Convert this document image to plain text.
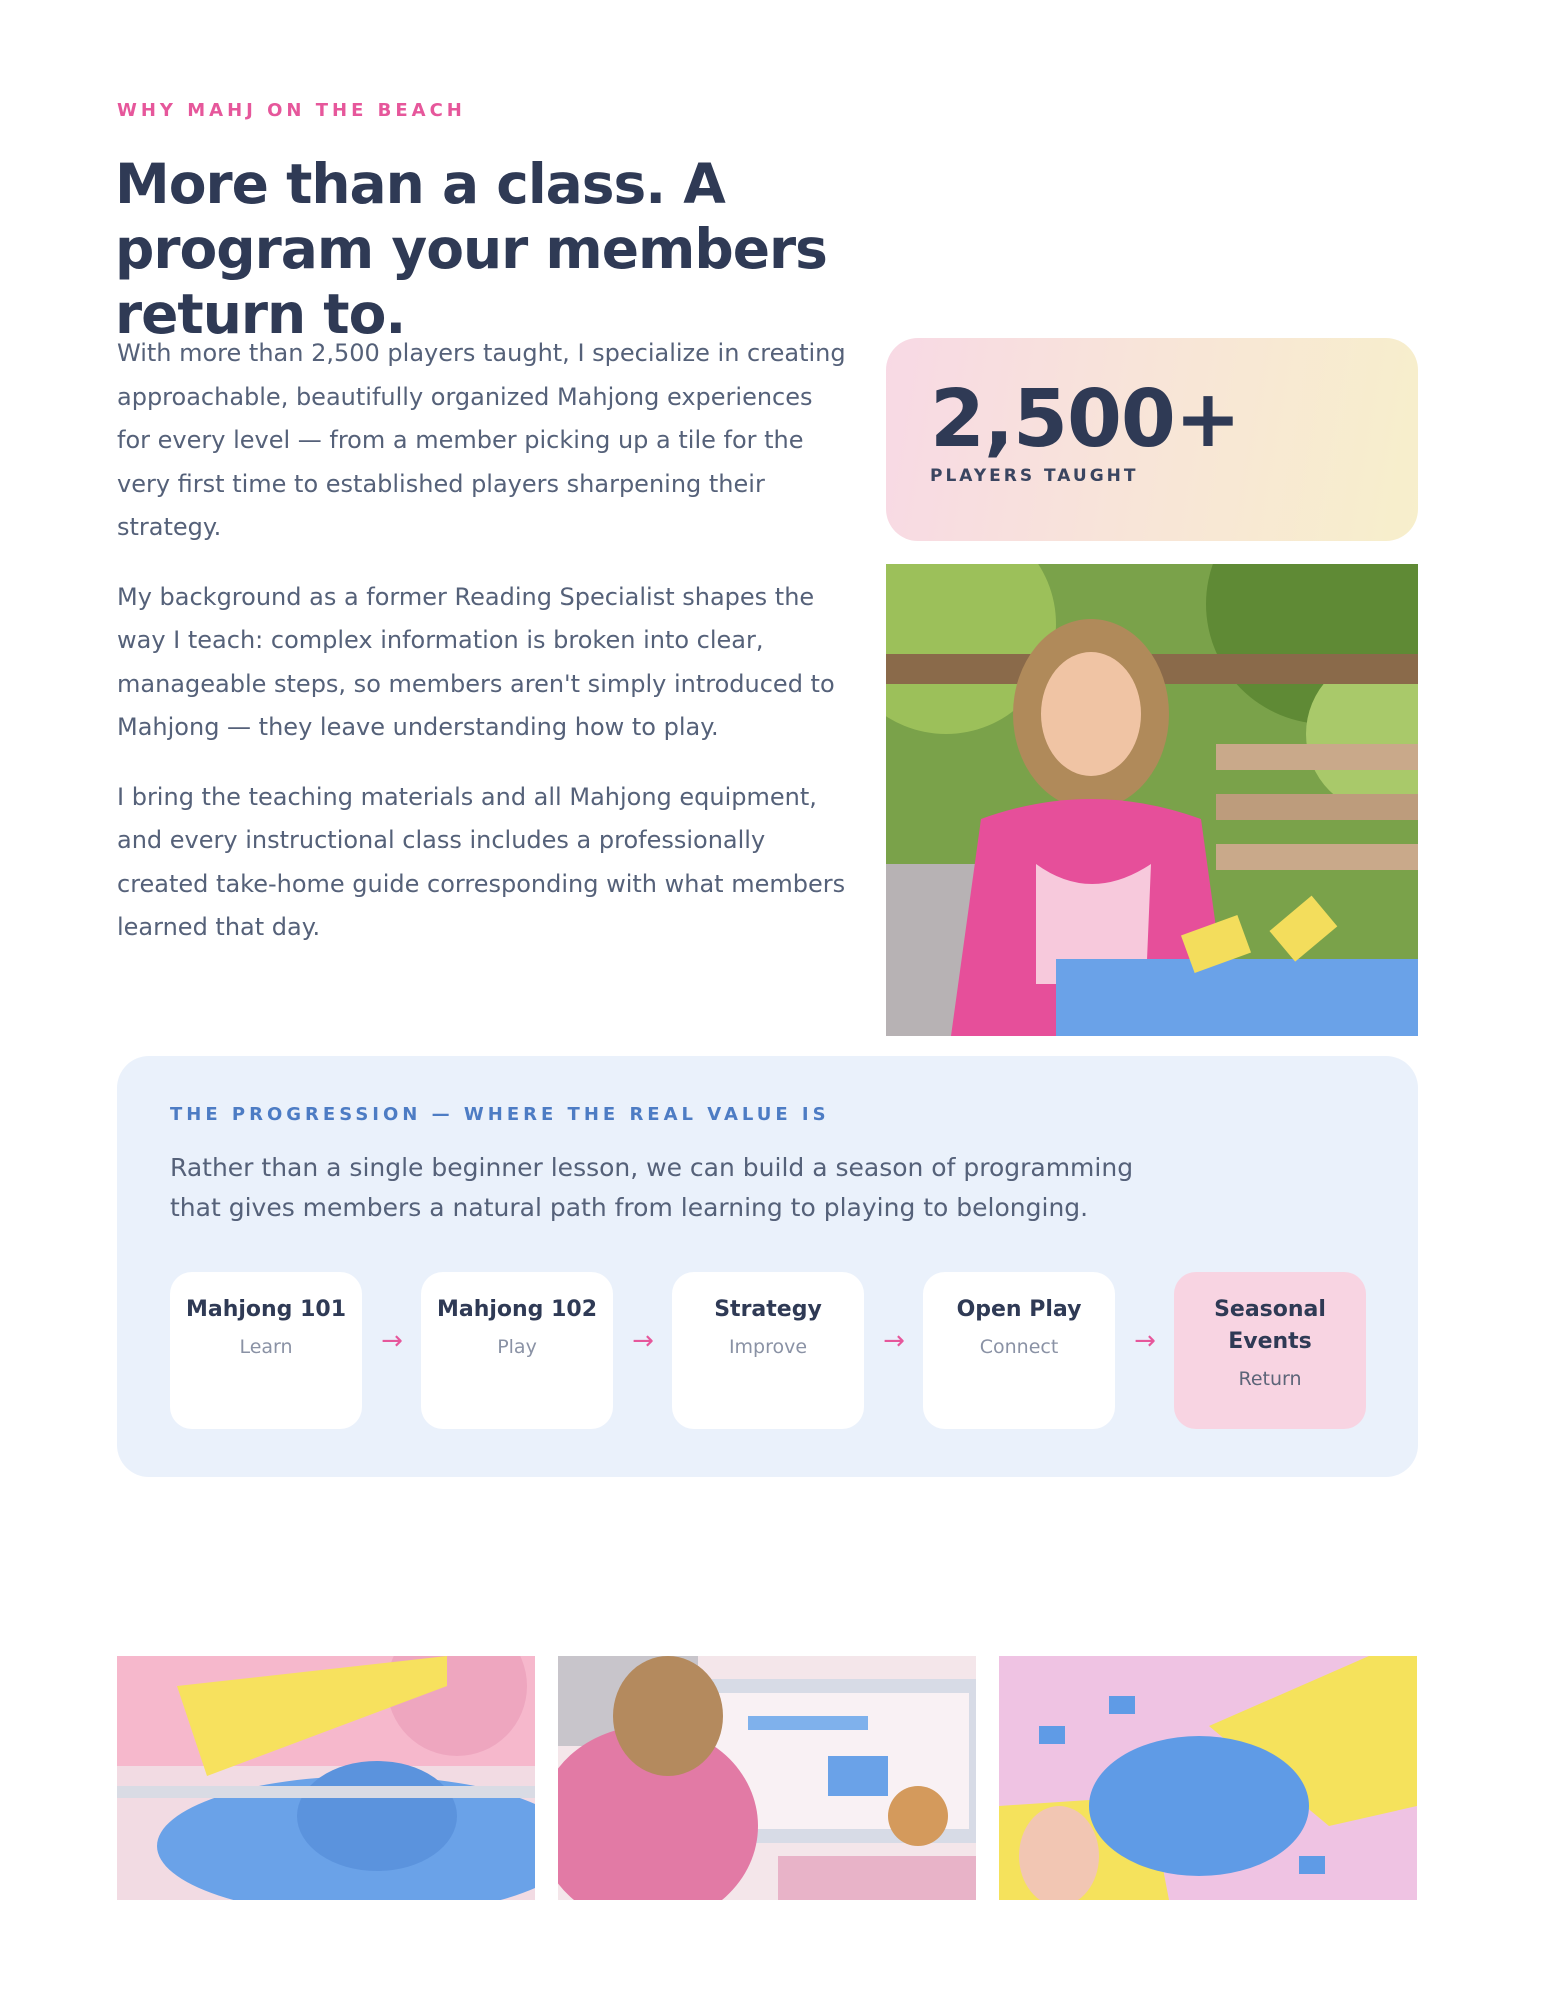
WHY MAHJ ON THE BEACH

More than a class. A program your members return to.

With more than 2,500 players taught, I specialize in creating approachable, beautifully organized Mahjong experiences for every level — from a member picking up a tile for the very first time to established players sharpening their strategy.

My background as a former Reading Specialist shapes the way I teach: complex information is broken into clear, manageable steps, so members aren't simply introduced to Mahjong — they leave understanding how to play.

I bring the teaching materials and all Mahjong equipment, and every instructional class includes a professionally created take-home guide corresponding with what members learned that day.

2,500+
PLAYERS TAUGHT

THE PROGRESSION — WHERE THE REAL VALUE IS

Rather than a single beginner lesson, we can build a season of programming that gives members a natural path from learning to playing to belonging.

Mahjong 101
Learn	→
Mahjong 102
Play	→
Strategy
Improve	→
Open Play
Connect	→
Seasonal Events
Return
